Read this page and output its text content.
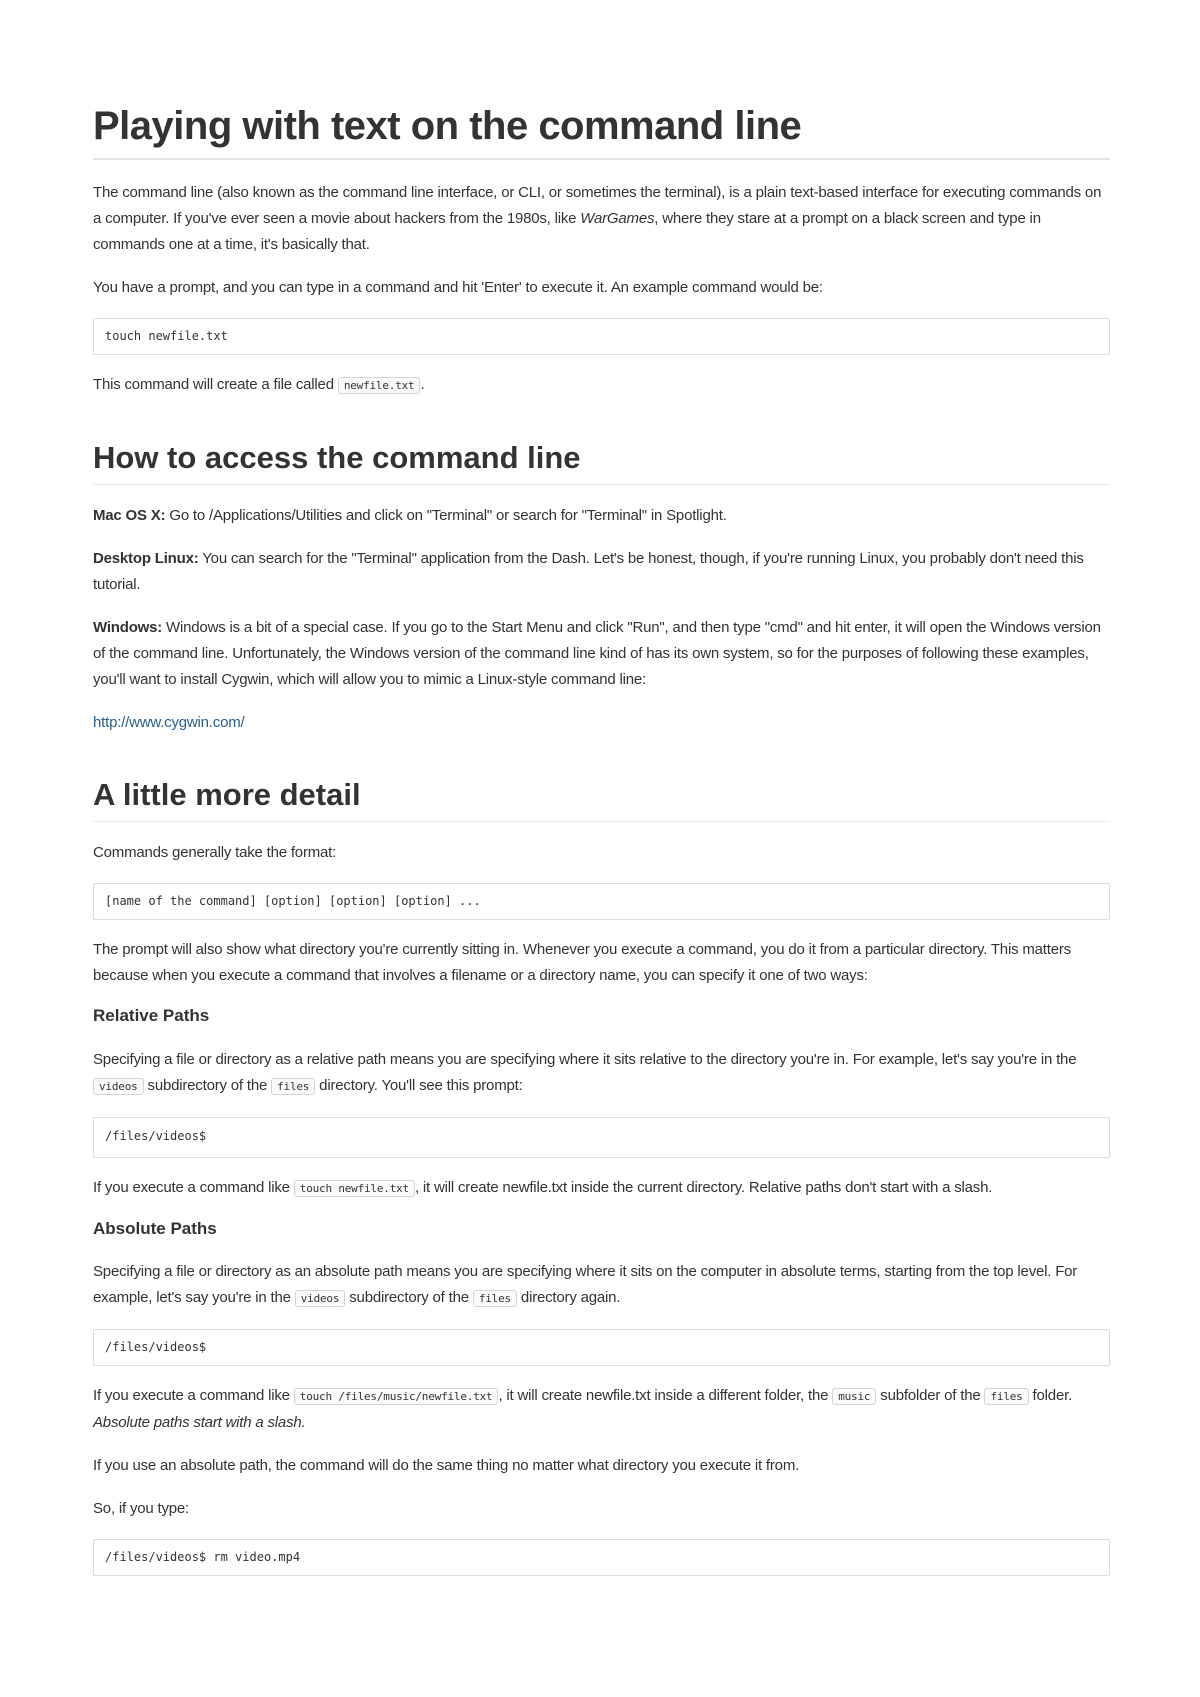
Playing with text on the command line

The command line (also known as the command line interface, or CLI, or sometimes the terminal), is a plain text-based interface for executing commands on a computer. If you've ever seen a movie about hackers from the 1980s, like WarGames, where they stare at a prompt on a black screen and type in commands one at a time, it's basically that.

You have a prompt, and you can type in a command and hit 'Enter' to execute it. An example command would be:

touch newfile.txt

This command will create a file called newfile.txt .

How to access the command line

Mac OS X: Go to /Applications/Utilities and click on "Terminal" or search for "Terminal" in Spotlight.

Desktop Linux: You can search for the "Terminal" application from the Dash. Let's be honest, though, if you're running Linux, you probably don't need this tutorial.

Windows: Windows is a bit of a special case. If you go to the Start Menu and click "Run", and then type "cmd" and hit enter, it will open the Windows version of the command line. Unfortunately, the Windows version of the command line kind of has its own system, so for the purposes of following these examples, you'll want to install Cygwin, which will allow you to mimic a Linux-style command line:

http://www.cygwin.com/

A little more detail

Commands generally take the format:

[name of the command] [option] [option] [option] ...

The prompt will also show what directory you're currently sitting in. Whenever you execute a command, you do it from a particular directory. This matters because when you execute a command that involves a filename or a directory name, you can specify it one of two ways:

Relative Paths

Specifying a file or directory as a relative path means you are specifying where it sits relative to the directory you're in. For example, let's say you're in the videos subdirectory of the files directory. You'll see this prompt:

/files/videos$

If you execute a command like touch newfile.txt , it will create newfile.txt inside the current directory. Relative paths don't start with a slash.

Absolute Paths

Specifying a file or directory as an absolute path means you are specifying where it sits on the computer in absolute terms, starting from the top level. For example, let's say you're in the videos subdirectory of the files directory again.

/files/videos$

If you execute a command like touch /files/music/newfile.txt , it will create newfile.txt inside a different folder, the music subfolder of the files folder. Absolute paths start with a slash.

If you use an absolute path, the command will do the same thing no matter what directory you execute it from.

So, if you type:

/files/videos$ rm video.mp4
